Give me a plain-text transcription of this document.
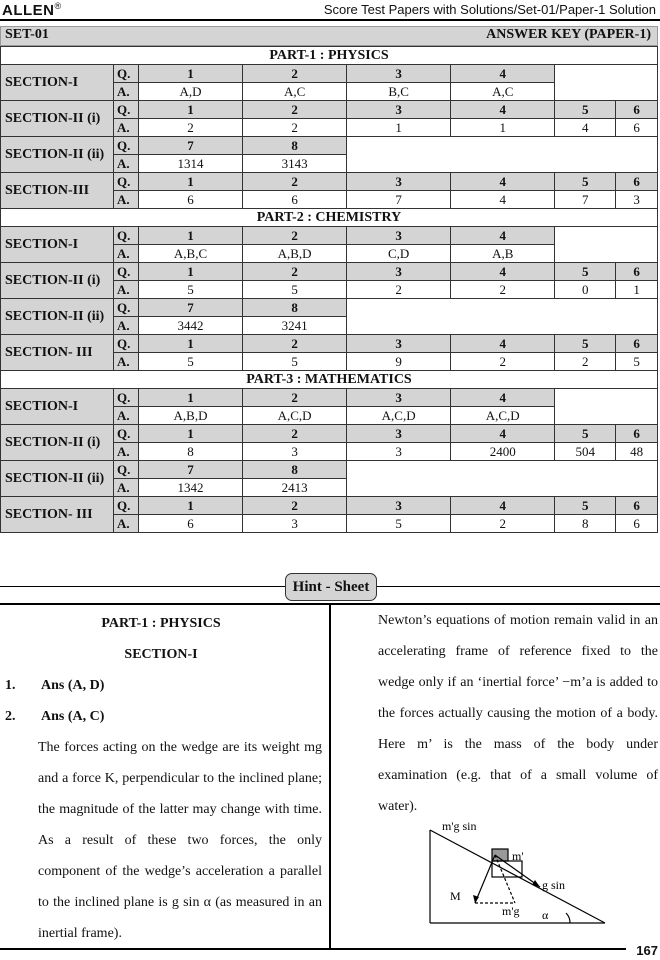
ALLEN®	Score Test Papers with Solutions/Set-01/Paper-1 Solution
SET-01	ANSWER KEY (PAPER-1)
PART-1 : PHYSICS							
SECTION-I	Q.	1	2	3	4		
	A.	A,D	A,C	B,C	A,C		
SECTION-II (i)	Q.	1	2	3	4	5	6
	A.	2	2	1	1	4	6
SECTION-II (ii)	Q.	7	8				
	A.	1314	3143				
SECTION-III	Q.	1	2	3	4	5	6
	A.	6	6	7	4	7	3
PART-2 : CHEMISTRY							
SECTION-I	Q.	1	2	3	4		
	A.	A,B,C	A,B,D	C,D	A,B		
SECTION-II (i)	Q.	1	2	3	4	5	6
	A.	5	5	2	2	0	1
SECTION-II (ii)	Q.	7	8				
	A.	3442	3241				
SECTION- III	Q.	1	2	3	4	5	6
	A.	5	5	9	2	2	5
PART-3 : MATHEMATICS							
SECTION-I	Q.	1	2	3	4		
	A.	A,B,D	A,C,D	A,C,D	A,C,D		
SECTION-II (i)	Q.	1	2	3	4	5	6
	A.	8	3	3	2400	504	48
SECTION-II (ii)	Q.	7	8				
	A.	1342	2413				
SECTION- III	Q.	1	2	3	4	5	6
	A.	6	3	5	2	8	6
Hint - Sheet
PART-1 : PHYSICS
SECTION-I
1. Ans (A, D)
2. Ans (A, C)
The forces acting on the wedge are its weight mg and a force K, perpendicular to the inclined plane; the magnitude of the latter may change with time. As a result of these two forces, the only component of the wedge’s acceleration a parallel to the inclined plane is g sin α (as measured in an inertial frame).
Newton’s equations of motion remain valid in an accelerating frame of reference fixed to the wedge only if an ‘inertial force’ −m’a is added to the forces actually causing the motion of a body. Here m’ is the mass of the body under examination (e.g. that of a small volume of water).
m'g sin
m'
g sin
M
m'g α
167
